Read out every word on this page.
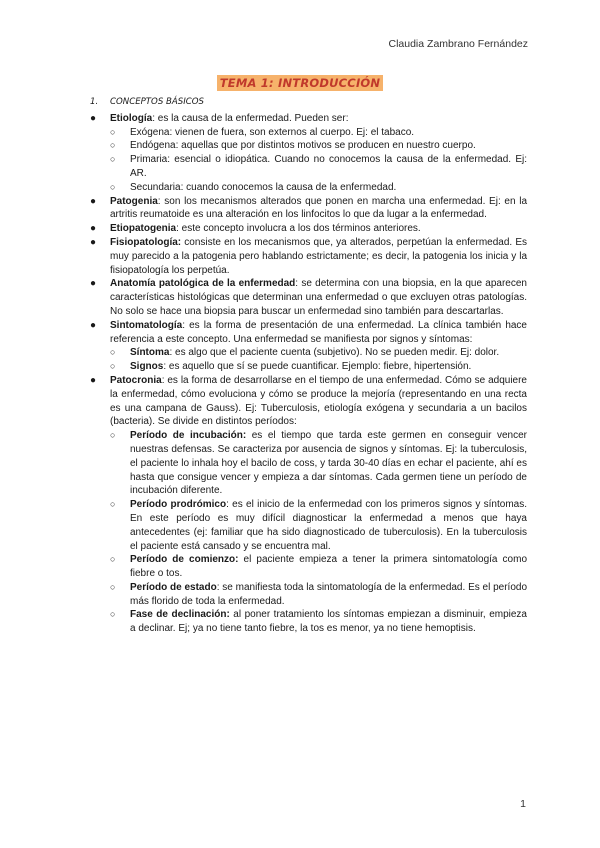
Claudia Zambrano Fernández
TEMA 1: INTRODUCCIÓN
1. CONCEPTOS BÁSICOS
● Etiología: es la causa de la enfermedad. Pueden ser:
○ Exógena: vienen de fuera, son externos al cuerpo. Ej: el tabaco.
○ Endógena: aquellas que por distintos motivos se producen en nuestro cuerpo.
○ Primaria: esencial o idiopática. Cuando no conocemos la causa de la enfermedad. Ej: AR.
○ Secundaria: cuando conocemos la causa de la enfermedad.
● Patogenia: son los mecanismos alterados que ponen en marcha una enfermedad. Ej: en la artritis reumatoide es una alteración en los linfocitos lo que da lugar a la enfermedad.
● Etiopatogenia: este concepto involucra a los dos términos anteriores.
● Fisiopatología: consiste en los mecanismos que, ya alterados, perpetúan la enfermedad. Es muy parecido a la patogenia pero hablando estrictamente; es decir, la patogenia los inicia y la fisiopatología los perpetúa.
● Anatomía patológica de la enfermedad: se determina con una biopsia, en la que aparecen características histológicas que determinan una enfermedad o que excluyen otras patologías. No solo se hace una biopsia para buscar un enfermedad sino también para descartarlas.
● Sintomatología: es la forma de presentación de una enfermedad. La clínica también hace referencia a este concepto. Una enfermedad se manifiesta por signos y síntomas:
○ Síntoma: es algo que el paciente cuenta (subjetivo). No se pueden medir. Ej: dolor.
○ Signos: es aquello que sí se puede cuantificar. Ejemplo: fiebre, hipertensión.
● Patocronia: es la forma de desarrollarse en el tiempo de una enfermedad. Cómo se adquiere la enfermedad, cómo evoluciona y cómo se produce la mejoría (representando en una recta es una campana de Gauss). Ej: Tuberculosis, etiología exógena y secundaria a un bacilos (bacteria). Se divide en distintos períodos:
○ Período de incubación: es el tiempo que tarda este germen en conseguir vencer nuestras defensas. Se caracteriza por ausencia de signos y síntomas. Ej: la tuberculosis, el paciente lo inhala hoy el bacilo de coss, y tarda 30-40 días en echar el paciente, ahí es hasta que consigue vencer y empieza a dar síntomas. Cada germen tiene un período de incubación diferente.
○ Período prodrómico: es el inicio de la enfermedad con los primeros signos y síntomas. En este período es muy difícil diagnosticar la enfermedad a menos que haya antecedentes (ej: familiar que ha sido diagnosticado de tuberculosis). En la tuberculosis el paciente está cansado y se encuentra mal.
○ Período de comienzo: el paciente empieza a tener la primera sintomatología como fiebre o tos.
○ Período de estado: se manifiesta toda la sintomatología de la enfermedad. Es el período más florido de toda la enfermedad.
○ Fase de declinación: al poner tratamiento los síntomas empiezan a disminuir, empieza a declinar. Ej; ya no tiene tanto fiebre, la tos es menor, ya no tiene hemoptisis.
1
